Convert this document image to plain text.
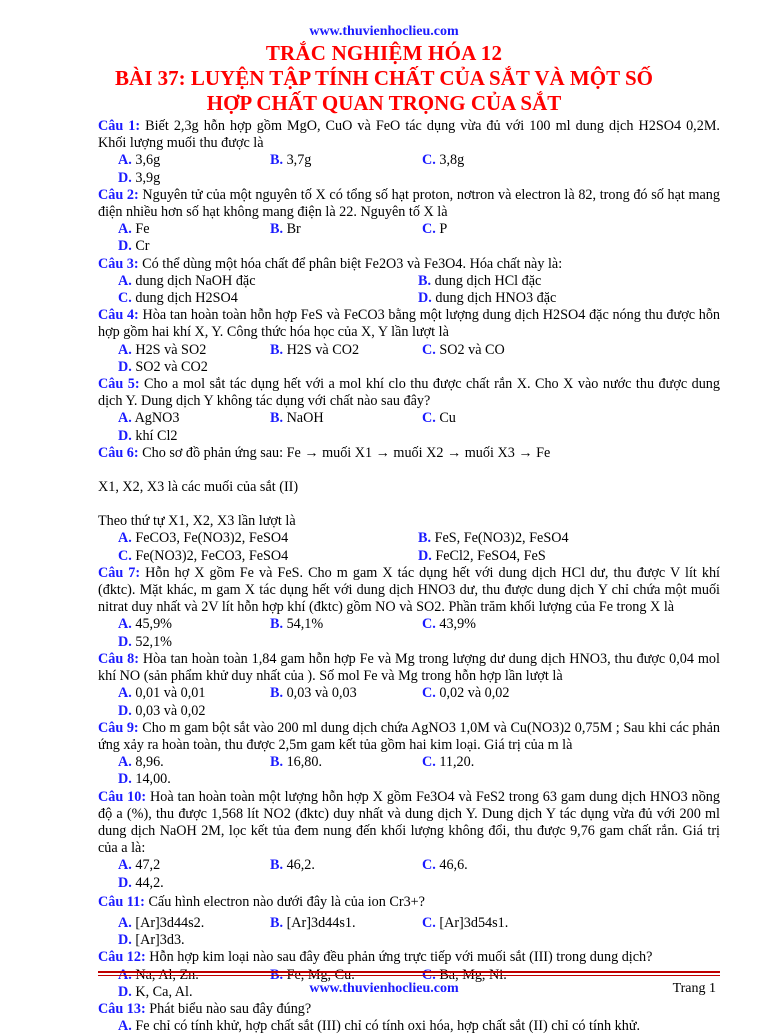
www.thuvienhoclieu.com
TRẮC NGHIỆM HÓA 12
BÀI 37: LUYỆN TẬP TÍNH CHẤT CỦA SẮT VÀ MỘT SỐ
HỢP CHẤT QUAN TRỌNG CỦA SẮT

Câu 1: Biết 2,3g hỗn hợp gồm MgO, CuO và FeO tác dụng vừa đủ với 100 ml dung dịch H2SO4 0,2M. Khối lượng muối thu được là

A. 3,6g	B. 3,7g	C. 3,8g
D. 3,9g

Câu 2: Nguyên tử của một nguyên tố X có tổng số hạt proton, nơtron và electron là 82, trong đó số hạt mang điện nhiều hơn số hạt không mang điện là 22. Nguyên tố X là

A. Fe	B. Br	C. P
D. Cr

Câu 3: Có thể dùng một hóa chất để phân biệt Fe2O3 và Fe3O4. Hóa chất này là:

A. dung dịch NaOH đặc	B. dung dịch HCl đặc
C. dung dịch H2SO4	D. dung dịch HNO3 đặc

Câu 4: Hòa tan hoàn toàn hỗn hợp FeS và FeCO3 bằng một lượng dung dịch H2SO4 đặc nóng thu được hỗn hợp gồm hai khí X, Y. Công thức hóa học của X, Y lần lượt là

A. H2S và SO2	B. H2S và CO2	C. SO2 và CO
D. SO2 và CO2

Câu 5: Cho a mol sắt tác dụng hết với a mol khí clo thu được chất rắn X. Cho X vào nước thu được dung dịch Y. Dung dịch Y không tác dụng với chất nào sau đây?

A. AgNO3	B. NaOH	C. Cu
D. khí Cl2

Câu 6: Cho sơ đồ phản ứng sau: Fe → muối X1 → muối X2 → muối X3 → Fe

X1, X2, X3 là các muối của sắt (II)

Theo thứ tự X1, X2, X3 lần lượt là

A. FeCO3, Fe(NO3)2, FeSO4	B. FeS, Fe(NO3)2, FeSO4
C. Fe(NO3)2, FeCO3, FeSO4	D. FeCl2, FeSO4, FeS

Câu 7: Hỗn hợ X gồm Fe và FeS. Cho m gam X tác dụng hết với dung dịch HCl dư, thu được V lít khí (đktc). Mặt khác, m gam X tác dụng hết với dung dịch HNO3 dư, thu được dung dịch Y chỉ chứa một muối nitrat duy nhất và 2V lít hỗn hợp khí (đktc) gồm NO và SO2. Phần trăm khối lượng của Fe trong X là

A. 45,9%	B. 54,1%	C. 43,9%
D. 52,1%

Câu 8: Hòa tan hoàn toàn 1,84 gam hỗn hợp Fe và Mg trong lượng dư dung dịch HNO3, thu được 0,04 mol khí NO (sản phẩm khử duy nhất của ). Số mol Fe và Mg trong hỗn hợp lần lượt là

A. 0,01 và 0,01	B. 0,03 và 0,03	C. 0,02 và 0,02
D. 0,03 và 0,02

Câu 9: Cho m gam bột sắt vào 200 ml dung dịch chứa AgNO3 1,0M và Cu(NO3)2 0,75M ; Sau khi các phản ứng xảy ra hoàn toàn, thu được 2,5m gam kết tủa gồm hai kim loại. Giá trị của m là

A. 8,96.	B. 16,80.	C. 11,20.
D. 14,00.

Câu 10: Hoà tan hoàn toàn một lượng hỗn hợp X gồm Fe3O4 và FeS2 trong 63 gam dung dịch HNO3 nồng độ a (%), thu được 1,568 lít NO2 (đktc) duy nhất và dung dịch Y. Dung dịch Y tác dụng vừa đủ với 200 ml dung dịch NaOH 2M, lọc kết tủa đem nung đến khối lượng không đổi, thu được 9,76 gam chất rắn. Giá trị của a là:

A. 47,2	B. 46,2.	C. 46,6.
D. 44,2.

Câu 11: Cấu hình electron nào dưới đây là của ion Cr3+?

A. [Ar]3d44s2.	B. [Ar]3d44s1.	C. [Ar]3d54s1.
D. [Ar]3d3.

Câu 12: Hỗn hợp kim loại nào sau đây đều phản ứng trực tiếp với muối sắt (III) trong dung dịch?

A. Na, Al, Zn.	B. Fe, Mg, Cu.	C. Ba, Mg, Ni.
D. K, Ca, Al.

Câu 13: Phát biểu nào sau đây đúng?

A. Fe chỉ có tính khử, hợp chất sắt (III) chỉ có tính oxi hóa, hợp chất sắt (II) chỉ có tính khử.
www.thuvienhoclieu.com	Trang 1
